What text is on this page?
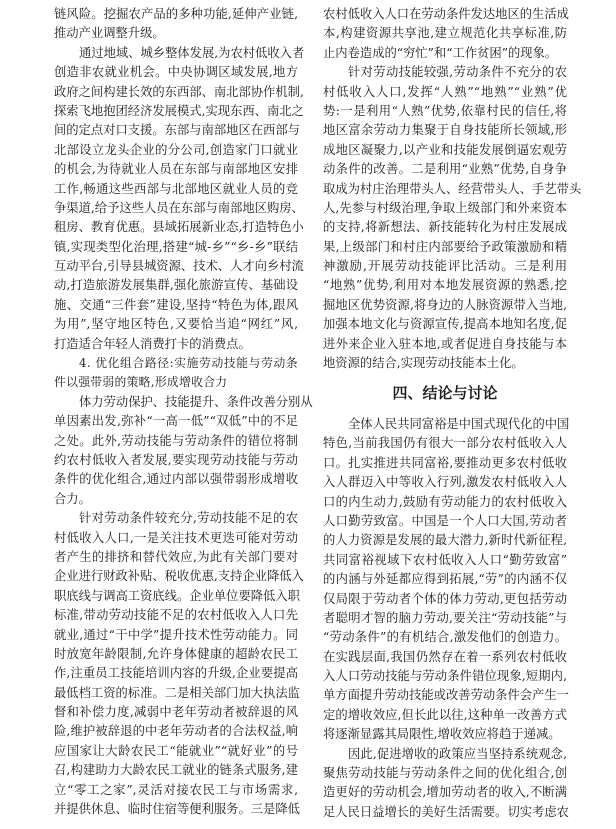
链风险。挖掘农产品的多种功能,延伸产业链,
推动产业调整升级。
通过地域、城乡整体发展,为农村低收入者
创造非农就业机会。中央协调区域发展,地方
政府之间构建长效的东西部、南北部协作机制,
探索飞地抱团经济发展模式,实现东西、南北之
间的定点对口支援。东部与南部地区在西部与
北部设立龙头企业的分公司,创造家门口就业
的机会,为待就业人员在东部与南部地区安排
工作,畅通这些西部与北部地区就业人员的竞
争渠道,给予这些人员在东部与南部地区购房、
租房、教育优惠。县域拓展新业态,打造特色小
镇,实现类型化治理,搭建“城-乡”“乡-乡”联结
互动平台,引导县城资源、技术、人才向乡村流
动,打造旅游发展集群,强化旅游宣传、基础设
施、交通“三件套”建设,坚持“特色为体,跟风
为用”,坚守地区特色,又要恰当追“网红”风,
打造适合年轻人消费打卡的消费点。
4. 优化组合路径:实施劳动技能与劳动条
件以强带弱的策略,形成增收合力
体力劳动保护、技能提升、条件改善分别从
单因素出发,弥补“一高一低”“双低”中的不足
之处。此外,劳动技能与劳动条件的错位将制
约农村低收入者发展,要实现劳动技能与劳动
条件的优化组合,通过内部以强带弱形成增收
合力。
针对劳动条件较充分,劳动技能不足的农
村低收入人口,一是关注技术更迭可能对劳动
者产生的排挤和替代效应,为此有关部门要对
企业进行财政补贴、税收优惠,支持企业降低入
职底线与调高工资底线。企业单位要降低入职
标准,带动劳动技能不足的农村低收入人口先
就业,通过“干中学”提升技术性劳动能力。同
时放宽年龄限制,允许身体健康的超龄农民工
作,注重员工技能培训内容的升级,企业要提高
最低档工资的标准。二是相关部门加大执法监
督和补偿力度,减弱中老年劳动者被辞退的风
险,维护被辞退的中老年劳动者的合法权益,响
应国家让大龄农民工“能就业”“就好业”的号
召,构建助力大龄农民工就业的链条式服务,建
立“零工之家”,灵活对接农民工与市场需求,
并提供休息、临时住宿等便利服务。三是降低
农村低收入人口在劳动条件发达地区的生活成
本,构建资源共享池,建立规范化共享标准,防
止内卷造成的“穷忙”和“工作贫困”的现象。
针对劳动技能较强,劳动条件不充分的农
村低收入人口,发挥“人熟”“地熟”“业熟”优
势:一是利用“人熟”优势,依靠村民的信任,将
地区富余劳动力集聚于自身技能所长领域,形
成地区凝聚力,以产业和技能发展倒逼宏观劳
动条件的改善。二是利用“业熟”优势,自身争
取成为村庄治理带头人、经营带头人、手艺带头
人,先参与村级治理,争取上级部门和外来资本
的支持,将新想法、新技能转化为村庄发展成
果,上级部门和村庄内部要给予政策激励和精
神激励,开展劳动技能评比活动。三是利用
“地熟”优势,利用对本地发展资源的熟悉,挖
掘地区优势资源,将身边的人脉资源带入当地,
加强本地文化与资源宣传,提高本地知名度,促
进外来企业入驻本地,或者促进自身技能与本
地资源的结合,实现劳动技能本土化。
四、结论与讨论
全体人民共同富裕是中国式现代化的中国
特色,当前我国仍有很大一部分农村低收入人
口。扎实推进共同富裕,要推动更多农村低收
入人群迈入中等收入行列,激发农村低收入人
口的内生动力,鼓励有劳动能力的农村低收入
人口勤劳致富。中国是一个人口大国,劳动者
的人力资源是发展的最大潜力,新时代新征程,
共同富裕视域下农村低收入人口“勤劳致富”
的内涵与外延都应得到拓展,“劳”的内涵不仅
仅局限于劳动者个体的体力劳动,更包括劳动
者聪明才智的脑力劳动,要关注“劳动技能”与
“劳动条件”的有机结合,激发他们的创造力。
在实践层面,我国仍然存在着一系列农村低收
入人口劳动技能与劳动条件错位现象,短期内,
单方面提升劳动技能或改善劳动条件会产生一
定的增收效应,但长此以往,这种单一改善方式
将逐渐显露其局限性,增收效应将趋于递减。
因此,促进增收的政策应当坚持系统观念,
聚焦劳动技能与劳动条件之间的优化组合,创
造更好的劳动机会,增加劳动者的收入,不断满
足人民日益增长的美好生活需要。切实考虑农
